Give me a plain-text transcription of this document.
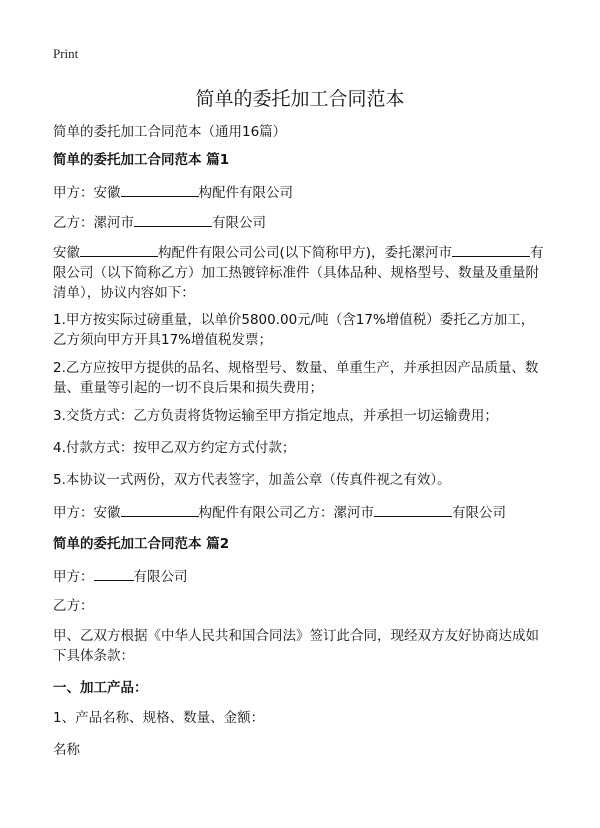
Print
简单的委托加工合同范本

简单的委托加工合同范本（通用16篇）

简单的委托加工合同范本 篇1

甲方：安徽	构配件有限公司

乙方：漯河市	有限公司

安徽	构配件有限公司公司(以下简称甲方)，委托漯河市	有限公司（以下简称乙方）加工热镀锌标准件（具体品种、规格型号、数量及重量附清单），协议内容如下：

1.甲方按实际过磅重量，以单价5800.00元/吨（含17%增值税）委托乙方加工，乙方须向甲方开具17%增值税发票；

2.乙方应按甲方提供的品名、规格型号、数量、单重生产，并承担因产品质量、数量、重量等引起的一切不良后果和损失费用；

3.交货方式：乙方负责将货物运输至甲方指定地点，并承担一切运输费用；

4.付款方式：按甲乙双方约定方式付款；

5.本协议一式两份，双方代表签字，加盖公章（传真件视之有效）。

甲方：安徽	构配件有限公司乙方：漯河市	有限公司

简单的委托加工合同范本 篇2

甲方：	有限公司

乙方：

甲、乙双方根据《中华人民共和国合同法》签订此合同，现经双方友好协商达成如下具体条款：

一、加工产品：

1、产品名称、规格、数量、金额：

名称
